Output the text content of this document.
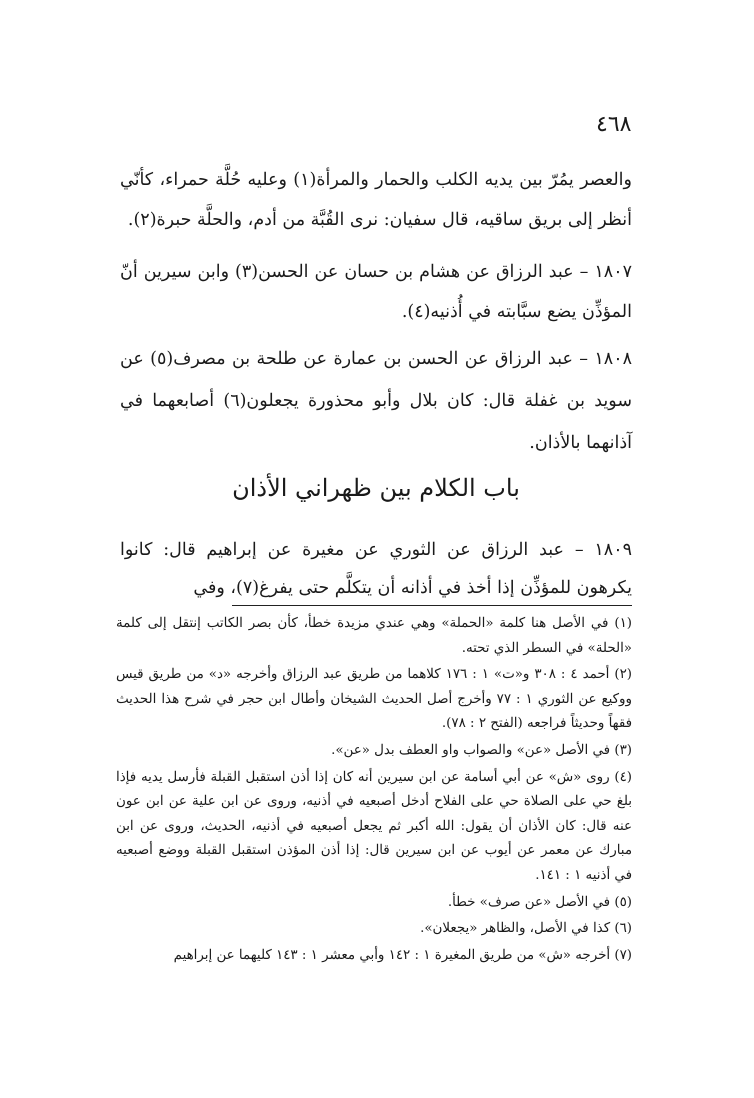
٤٦٨

والعصر يمُرّ بين يديه الكلب والحمار والمرأة(١) وعليه حُلَّة حمراء، كأنّي أنظر إلى بريق ساقيه، قال سفيان: نرى القُبَّة من أدم، والحلَّة حبرة(٢).

١٨٠٧ – عبد الرزاق عن هشام بن حسان عن الحسن(٣) وابن سيرين أنّ المؤذِّن يضع سبَّابته في أُذنيه(٤).

١٨٠٨ – عبد الرزاق عن الحسن بن عمارة عن طلحة بن مصرف(٥) عن سويد بن غفلة قال: كان بلال وأبو محذورة يجعلون(٦) أصابعهما في آذانهما بالأذان.

باب الكلام بين ظهراني الأذان

١٨٠٩ – عبد الرزاق عن الثوري عن مغيرة عن إبراهيم قال: كانوا يكرهون للمؤذِّن إذا أخذ في أذانه أن يتكلَّم حتى يفرغ(٧)، وفي

(١) في الأصل هنا كلمة «الحملة» وهي عندي مزيدة خطأ، كأن بصر الكاتب إنتقل إلى كلمة «الحلة» في السطر الذي تحته.

(٢) أحمد ٤ : ٣٠٨ و«ت» ١ : ١٧٦ كلاهما من طريق عبد الرزاق وأخرجه «د» من طريق قيس ووكيع عن الثوري ١ : ٧٧ وأخرج أصل الحديث الشيخان وأطال ابن حجر في شرح هذا الحديث فقهاً وحديثاً فراجعه (الفتح ٢ : ٧٨).

(٣) في الأصل «عن» والصواب واو العطف بدل «عن».

(٤) روى «ش» عن أبي أسامة عن ابن سيرين أنه كان إذا أذن استقبل القبلة فأرسل يديه فإذا بلغ حي على الصلاة حي على الفلاح أدخل أصبعيه في أذنيه، وروى عن ابن علية عن ابن عون عنه قال: كان الأذان أن يقول: الله أكبر ثم يجعل أصبعيه في أذنيه، الحديث، وروى عن ابن مبارك عن معمر عن أيوب عن ابن سيرين قال: إذا أذن المؤذن استقبل القبلة ووضع أصبعيه في أذنيه ١ : ١٤١.

(٥) في الأصل «عن صرف» خطأ.

(٦) كذا في الأصل، والظاهر «يجعلان».

(٧) أخرجه «ش» من طريق المغيرة ١ : ١٤٢ وأبي معشر ١ : ١٤٣ كليهما عن إبراهيم
